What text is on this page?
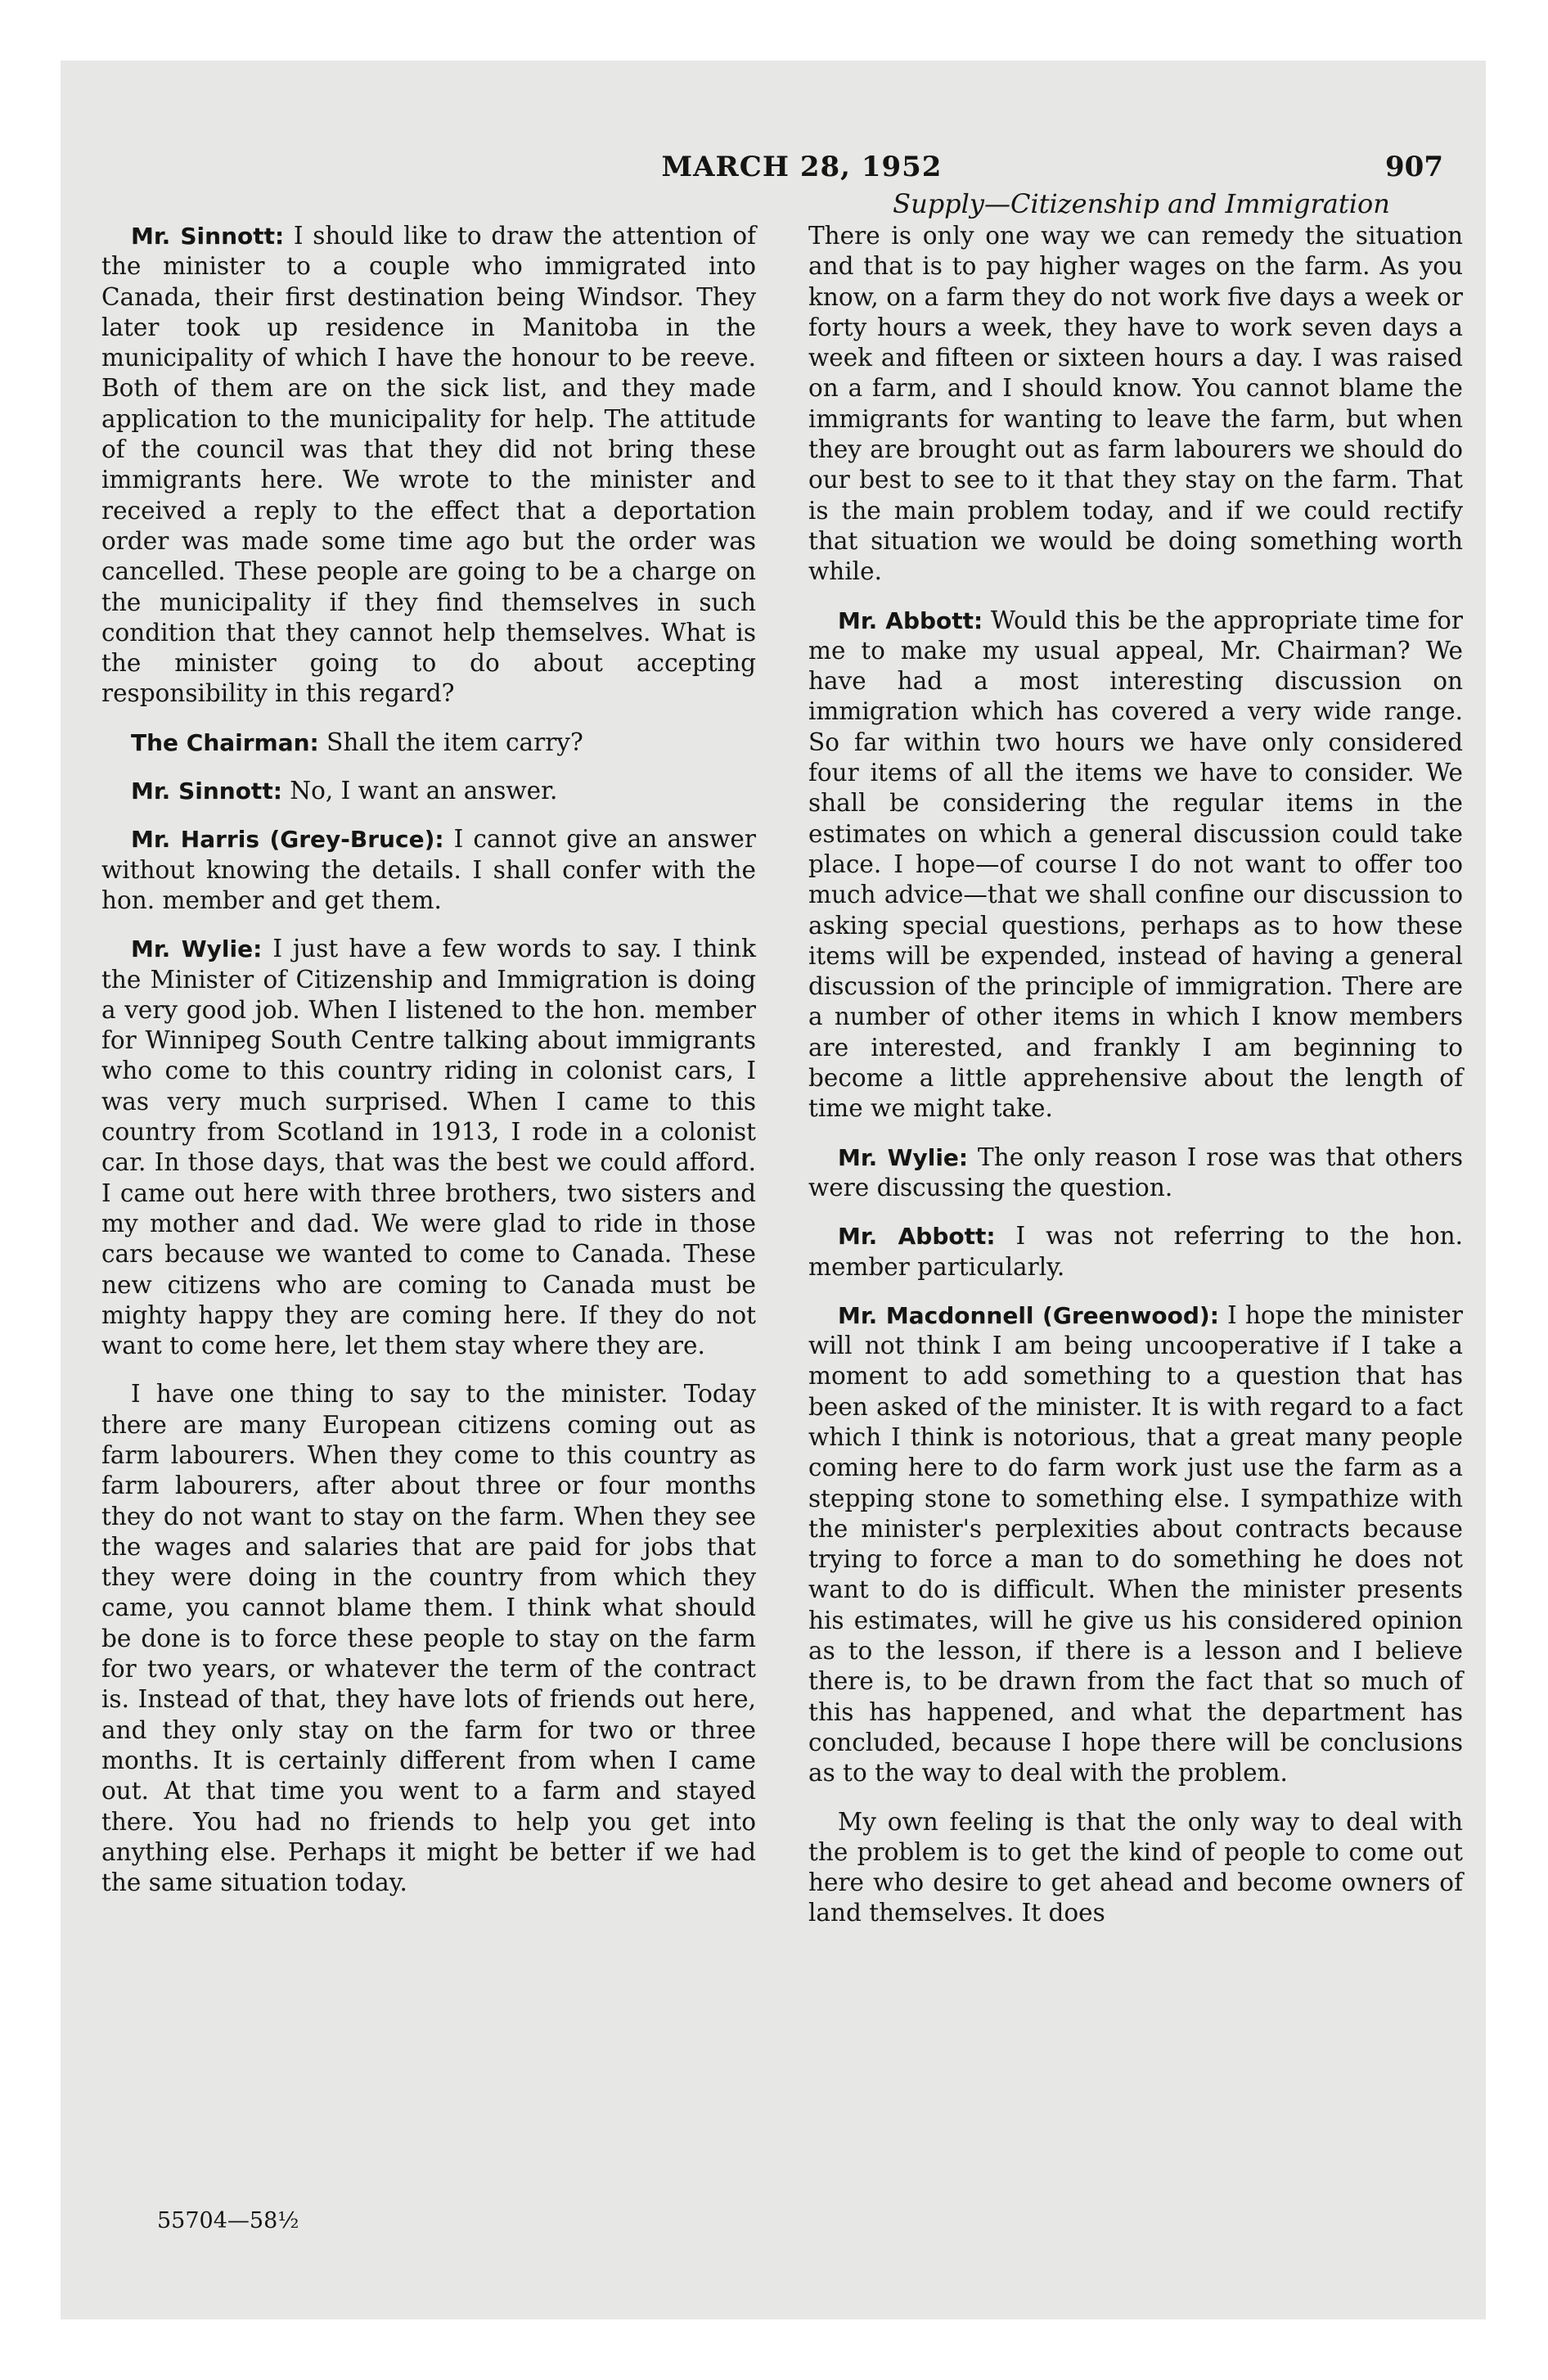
MARCH 28, 1952	907
Supply—Citizenship and Immigration

Mr. Sinnott: I should like to draw the attention of the minister to a couple who immigrated into Canada, their first destination being Windsor. They later took up residence in Manitoba in the municipality of which I have the honour to be reeve. Both of them are on the sick list, and they made application to the municipality for help. The attitude of the council was that they did not bring these immigrants here. We wrote to the minister and received a reply to the effect that a deportation order was made some time ago but the order was cancelled. These people are going to be a charge on the municipality if they find themselves in such condition that they cannot help themselves. What is the minister going to do about accepting responsibility in this regard?

The Chairman: Shall the item carry?

Mr. Sinnott: No, I want an answer.

Mr. Harris (Grey-Bruce): I cannot give an answer without knowing the details. I shall confer with the hon. member and get them.

Mr. Wylie: I just have a few words to say. I think the Minister of Citizenship and Immigration is doing a very good job. When I listened to the hon. member for Winnipeg South Centre talking about immigrants who come to this country riding in colonist cars, I was very much surprised. When I came to this country from Scotland in 1913, I rode in a colonist car. In those days, that was the best we could afford. I came out here with three brothers, two sisters and my mother and dad. We were glad to ride in those cars because we wanted to come to Canada. These new citizens who are coming to Canada must be mighty happy they are coming here. If they do not want to come here, let them stay where they are.

I have one thing to say to the minister. Today there are many European citizens coming out as farm labourers. When they come to this country as farm labourers, after about three or four months they do not want to stay on the farm. When they see the wages and salaries that are paid for jobs that they were doing in the country from which they came, you cannot blame them. I think what should be done is to force these people to stay on the farm for two years, or whatever the term of the contract is. Instead of that, they have lots of friends out here, and they only stay on the farm for two or three months. It is certainly different from when I came out. At that time you went to a farm and stayed there. You had no friends to help you get into anything else. Perhaps it might be better if we had the same situation today.

There is only one way we can remedy the situation and that is to pay higher wages on the farm. As you know, on a farm they do not work five days a week or forty hours a week, they have to work seven days a week and fifteen or sixteen hours a day. I was raised on a farm, and I should know. You cannot blame the immigrants for wanting to leave the farm, but when they are brought out as farm labourers we should do our best to see to it that they stay on the farm. That is the main problem today, and if we could rectify that situation we would be doing something worth while.

Mr. Abbott: Would this be the appropriate time for me to make my usual appeal, Mr. Chairman? We have had a most interesting discussion on immigration which has covered a very wide range. So far within two hours we have only considered four items of all the items we have to consider. We shall be considering the regular items in the estimates on which a general discussion could take place. I hope—of course I do not want to offer too much advice—that we shall confine our discussion to asking special questions, perhaps as to how these items will be expended, instead of having a general discussion of the principle of immigration. There are a number of other items in which I know members are interested, and frankly I am beginning to become a little apprehensive about the length of time we might take.

Mr. Wylie: The only reason I rose was that others were discussing the question.

Mr. Abbott: I was not referring to the hon. member particularly.

Mr. Macdonnell (Greenwood): I hope the minister will not think I am being uncooperative if I take a moment to add something to a question that has been asked of the minister. It is with regard to a fact which I think is notorious, that a great many people coming here to do farm work just use the farm as a stepping stone to something else. I sympathize with the minister's perplexities about contracts because trying to force a man to do something he does not want to do is difficult. When the minister presents his estimates, will he give us his considered opinion as to the lesson, if there is a lesson and I believe there is, to be drawn from the fact that so much of this has happened, and what the department has concluded, because I hope there will be conclusions as to the way to deal with the problem.

My own feeling is that the only way to deal with the problem is to get the kind of people to come out here who desire to get ahead and become owners of land themselves. It does

55704—58½
